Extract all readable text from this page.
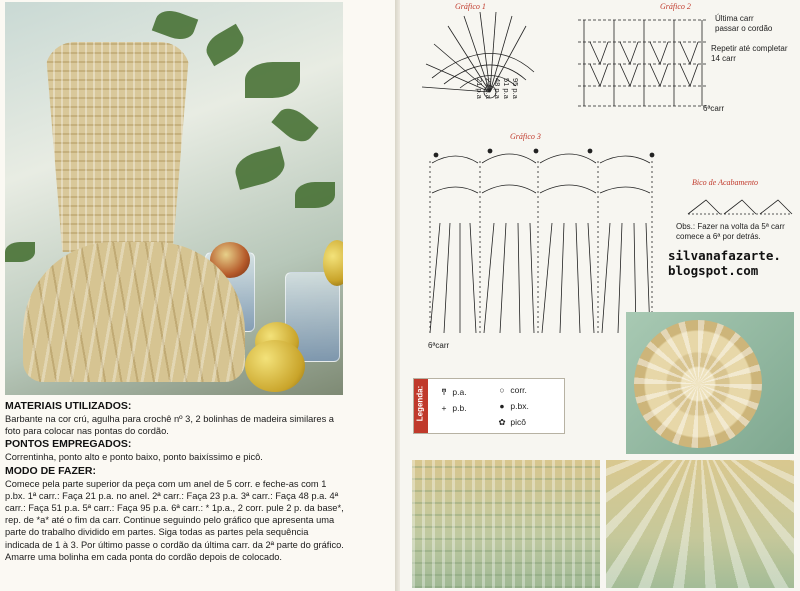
MATERIAIS UTILIZADOS:

Barbante na cor crú, agulha para crochê nº 3, 2 bolinhas de madeira similares a foto para colocar nas pontas do cordão.

PONTOS EMPREGADOS:

Correntinha, ponto alto e ponto baixo, ponto baixíssimo e picô.

MODO DE FAZER:

Comece pela parte superior da peça com um anel de 5 corr. e feche-as com 1 p.bx. 1ª carr.: Faça 21 p.a. no anel. 2ª carr.: Faça 23 p.a. 3ª carr.: Faça 48 p.a. 4ª carr.: Faça 51 p.a. 5ª carr.: Faça 95 p.a. 6ª carr.: * 1p.a., 2 corr. pule 2 p. da base*, rep. de *a* até o fim da carr. Continue seguindo pelo gráfico que apresenta uma parte do trabalho dividido em partes. Siga todas as partes pela sequência indicada de 1 à 3. Por último passe o cordão da última carr. da 2ª parte do gráfico. Amarre uma bolinha em cada ponta do cordão depois de colocado.

Gráfico 1
95 p.a
51 p.a
48 p.a
23 p.a
21 p.a
Gráfico 2
Última carr
passar o cordão
Repetir até completar
14 carr
6ªcarr
Gráfico 3
6ªcarr
Bico de Acabamento
Obs.: Fazer na volta da 5ª carr
comece a 6ª por detrás.
silvanafazarte.
blogspot.com
Legenda:	ͳ p.a.
+ p.b.
○ corr.
● p.bx.
✿ picô
